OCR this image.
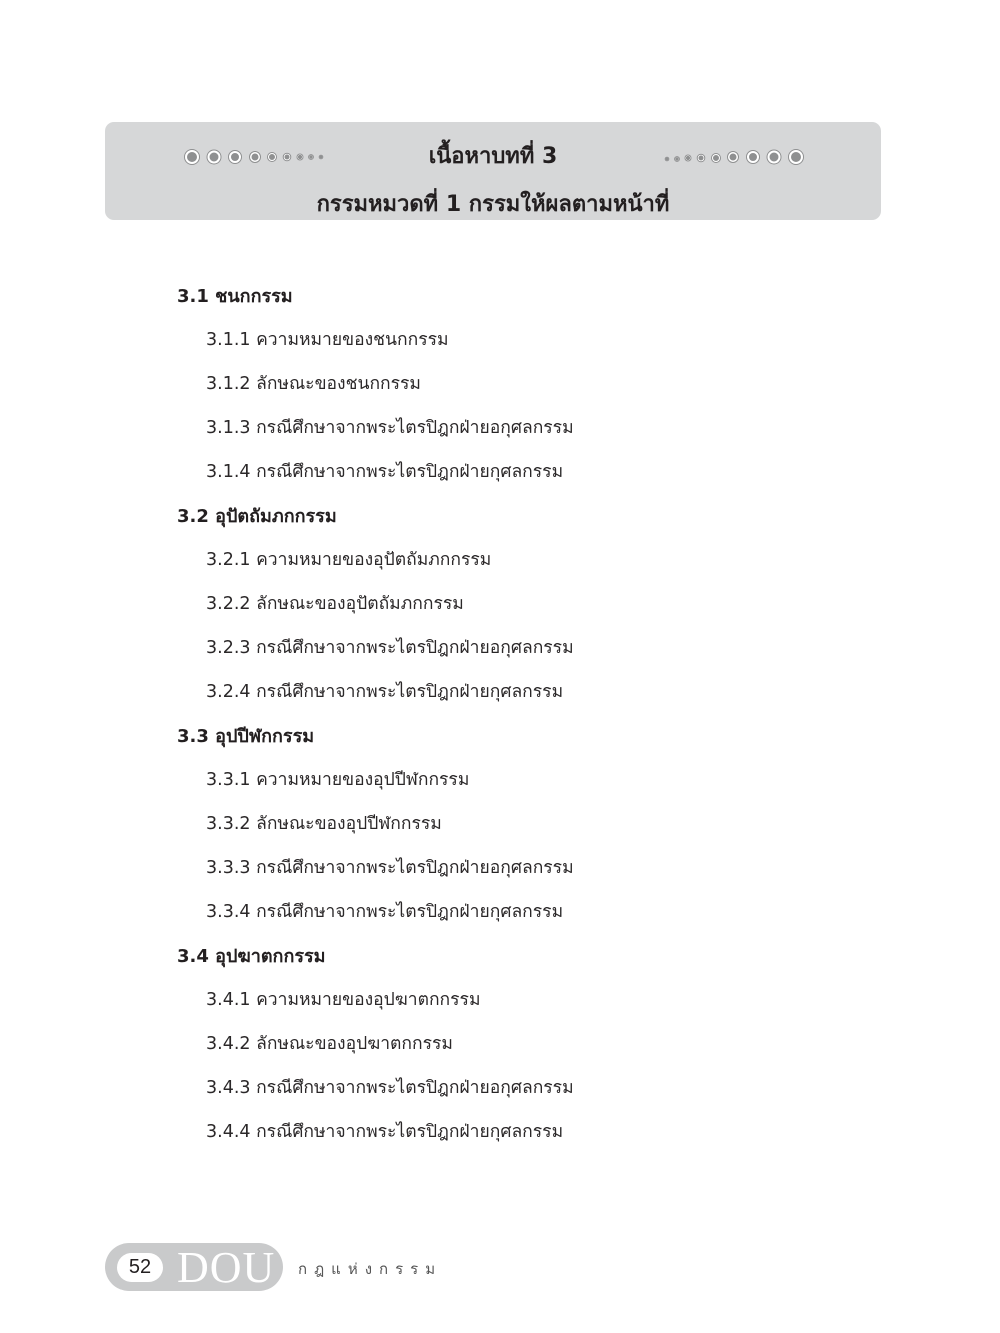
เนื้อหาบทที่ 3
กรรมหมวดที่ 1 กรรมให้ผลตามหน้าที่
3.1 ชนกกรรม
3.1.1 ความหมายของชนกกรรม
3.1.2 ลักษณะของชนกกรรม
3.1.3 กรณีศึกษาจากพระไตรปิฎกฝ่ายอกุศลกรรม
3.1.4 กรณีศึกษาจากพระไตรปิฎกฝ่ายกุศลกรรม
3.2 อุปัตถัมภกกรรม
3.2.1 ความหมายของอุปัตถัมภกกรรม
3.2.2 ลักษณะของอุปัตถัมภกกรรม
3.2.3 กรณีศึกษาจากพระไตรปิฎกฝ่ายอกุศลกรรม
3.2.4 กรณีศึกษาจากพระไตรปิฎกฝ่ายกุศลกรรม
3.3 อุปปีฬกกรรม
3.3.1 ความหมายของอุปปีฬกกรรม
3.3.2 ลักษณะของอุปปีฬกกรรม
3.3.3 กรณีศึกษาจากพระไตรปิฎกฝ่ายอกุศลกรรม
3.3.4 กรณีศึกษาจากพระไตรปิฎกฝ่ายกุศลกรรม
3.4 อุปฆาตกกรรม
3.4.1 ความหมายของอุปฆาตกกรรม
3.4.2 ลักษณะของอุปฆาตกกรรม
3.4.3 กรณีศึกษาจากพระไตรปิฎกฝ่ายอกุศลกรรม
3.4.4 กรณีศึกษาจากพระไตรปิฎกฝ่ายกุศลกรรม
52 DOU กฎแห่งกรรม
